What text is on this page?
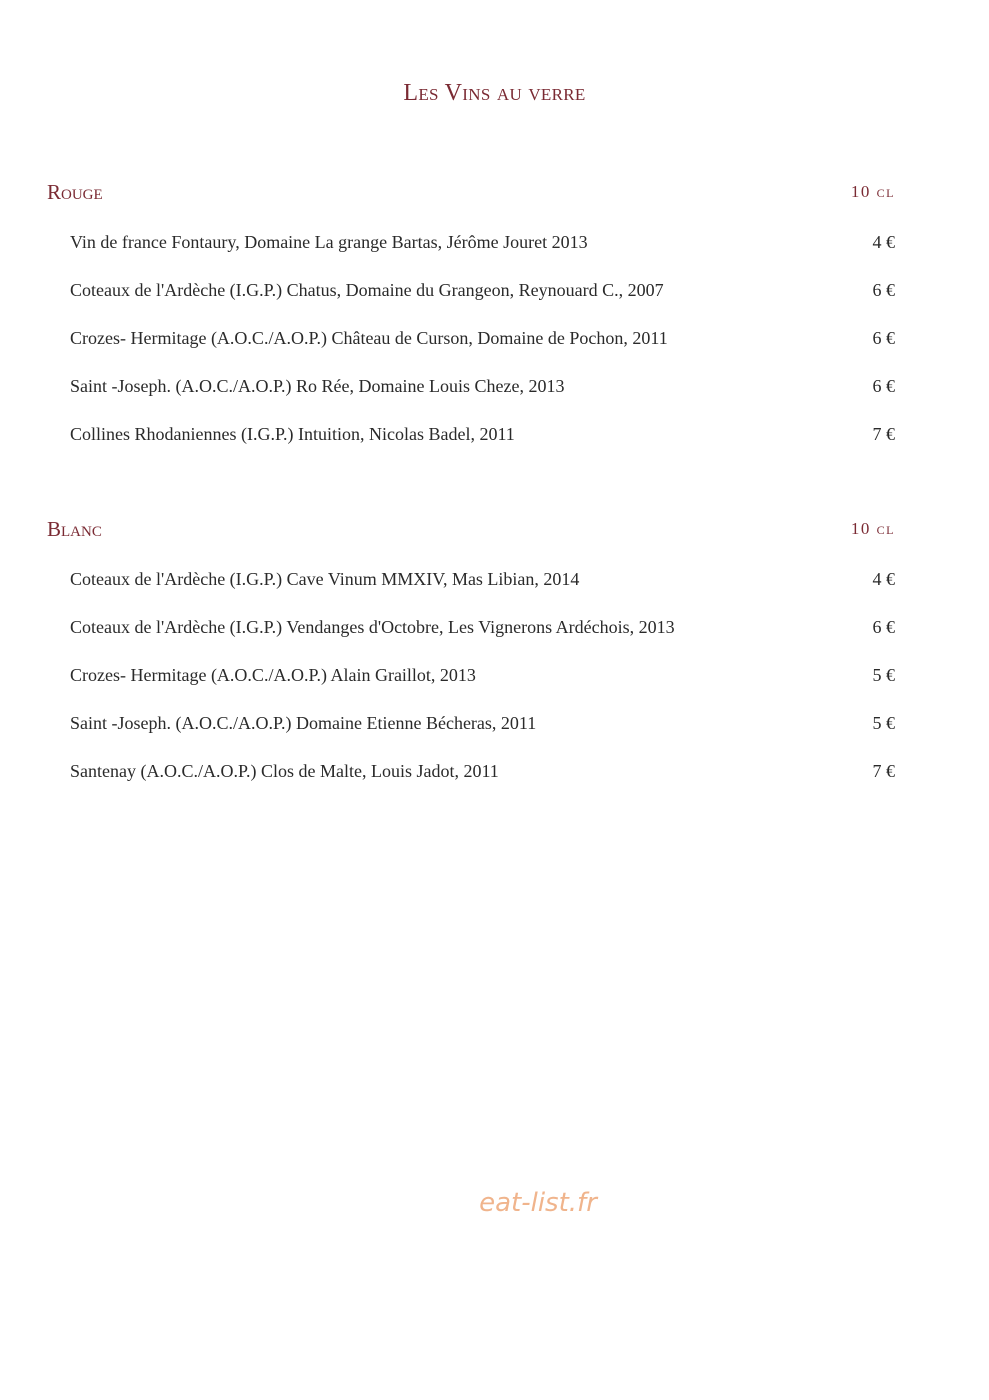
Les Vins au verre
Rouge	10 cl
Vin de france Fontaury, Domaine La grange Bartas, Jérôme Jouret 2013	4 €
Coteaux de l'Ardèche (I.G.P.) Chatus, Domaine du Grangeon, Reynouard C., 2007	6 €
Crozes- Hermitage (A.O.C./A.O.P.) Château de Curson, Domaine de Pochon, 2011	6 €
Saint -Joseph. (A.O.C./A.O.P.) Ro Rée, Domaine Louis Cheze, 2013	6 €
Collines Rhodaniennes (I.G.P.) Intuition, Nicolas Badel, 2011	7 €
Blanc	10 cl
Coteaux de l'Ardèche (I.G.P.) Cave Vinum MMXIV, Mas Libian, 2014	4 €
Coteaux de l'Ardèche (I.G.P.) Vendanges d'Octobre, Les Vignerons Ardéchois, 2013	6 €
Crozes- Hermitage (A.O.C./A.O.P.) Alain Graillot, 2013	5 €
Saint -Joseph. (A.O.C./A.O.P.) Domaine Etienne Bécheras, 2011	5 €
Santenay (A.O.C./A.O.P.) Clos de Malte, Louis Jadot, 2011	7 €
eat-list.fr
